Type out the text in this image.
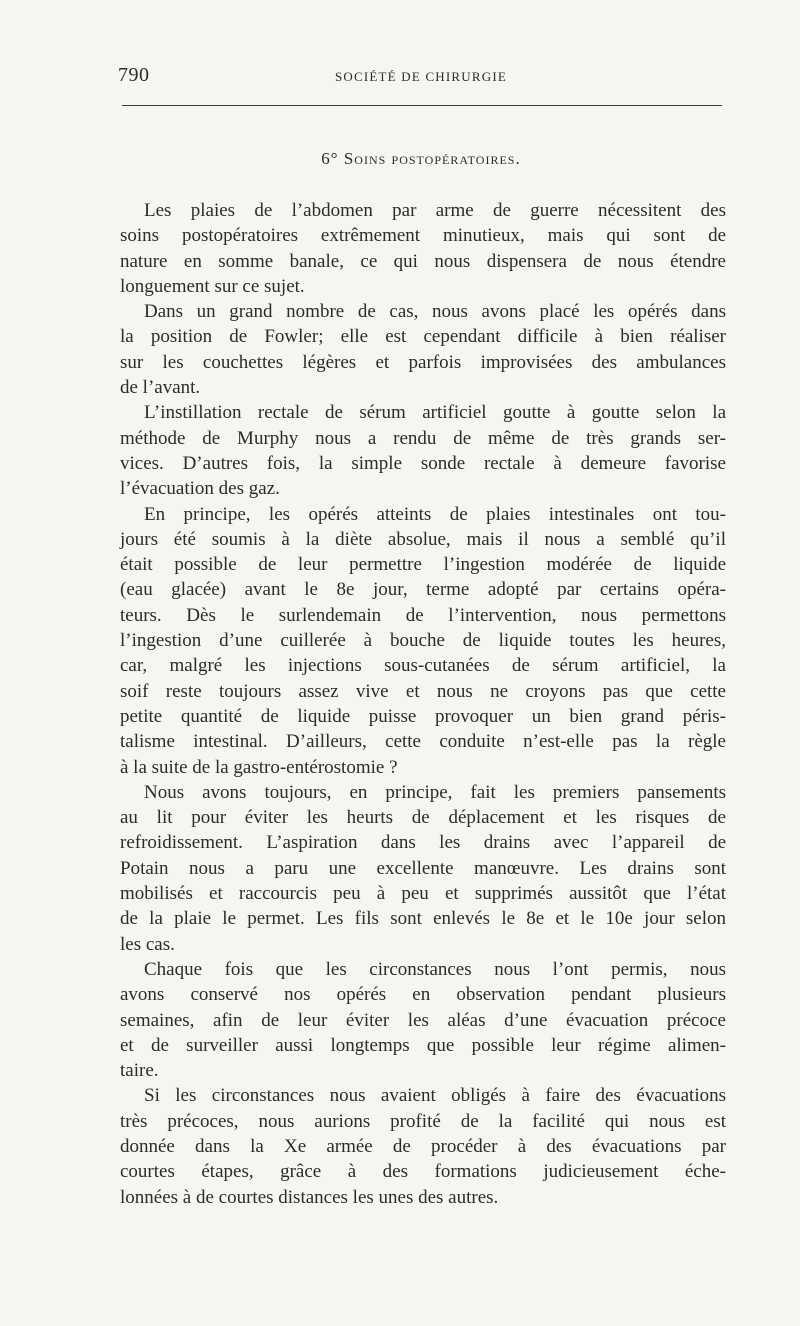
790	SOCIÉTÉ DE CHIRURGIE
6° Soins postopératoires.
Les plaies de l’abdomen par arme de guerre nécessitent des
soins postopératoires extrêmement minutieux, mais qui sont de
nature en somme banale, ce qui nous dispensera de nous étendre
longuement sur ce sujet.
Dans un grand nombre de cas, nous avons placé les opérés dans
la position de Fowler; elle est cependant difficile à bien réaliser
sur les couchettes légères et parfois improvisées des ambulances
de l’avant.
L’instillation rectale de sérum artificiel goutte à goutte selon la
méthode de Murphy nous a rendu de même de très grands ser-
vices. D’autres fois, la simple sonde rectale à demeure favorise
l’évacuation des gaz.
En principe, les opérés atteints de plaies intestinales ont tou-
jours été soumis à la diète absolue, mais il nous a semblé qu’il
était possible de leur permettre l’ingestion modérée de liquide
(eau glacée) avant le 8e jour, terme adopté par certains opéra-
teurs. Dès le surlendemain de l’intervention, nous permettons
l’ingestion d’une cuillerée à bouche de liquide toutes les heures,
car, malgré les injections sous-cutanées de sérum artificiel, la
soif reste toujours assez vive et nous ne croyons pas que cette
petite quantité de liquide puisse provoquer un bien grand péris-
talisme intestinal. D’ailleurs, cette conduite n’est-elle pas la règle
à la suite de la gastro-entérostomie ?
Nous avons toujours, en principe, fait les premiers pansements
au lit pour éviter les heurts de déplacement et les risques de
refroidissement. L’aspiration dans les drains avec l’appareil de
Potain nous a paru une excellente manœuvre. Les drains sont
mobilisés et raccourcis peu à peu et supprimés aussitôt que l’état
de la plaie le permet. Les fils sont enlevés le 8e et le 10e jour selon
les cas.
Chaque fois que les circonstances nous l’ont permis, nous
avons conservé nos opérés en observation pendant plusieurs
semaines, afin de leur éviter les aléas d’une évacuation précoce
et de surveiller aussi longtemps que possible leur régime alimen-
taire.
Si les circonstances nous avaient obligés à faire des évacuations
très précoces, nous aurions profité de la facilité qui nous est
donnée dans la Xe armée de procéder à des évacuations par
courtes étapes, grâce à des formations judicieusement éche-
lonnées à de courtes distances les unes des autres.
